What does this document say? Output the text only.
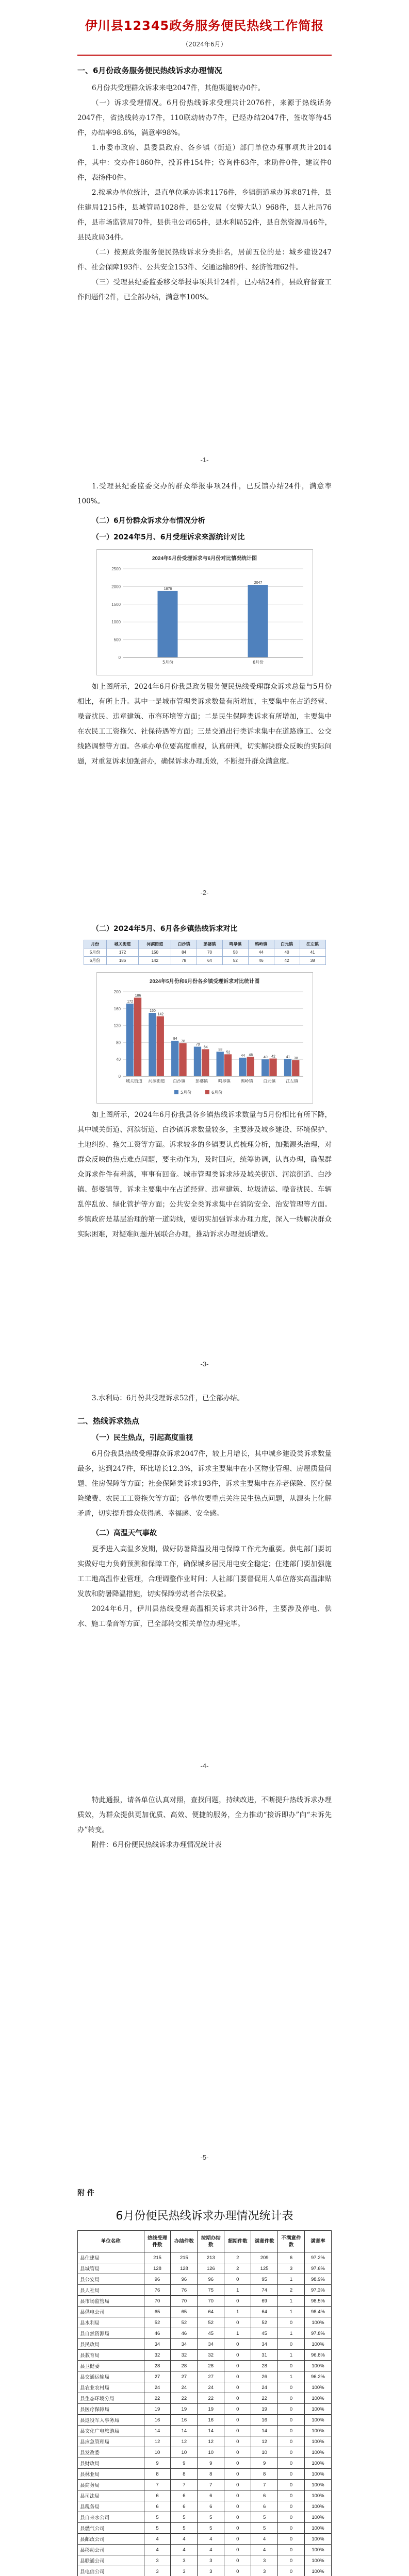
伊川县12345政务服务便民热线工作简报
（2024年6月）
一、6月份政务服务便民热线诉求办理情况

6月份共受理群众诉求来电2047件，其他渠道转办0件。

（一）诉求受理情况。6月份热线诉求受理共计2076件，来源于热线话务2047件，省热线转办17件，110联动转办7件，已经办结2047件，签收等待45件，办结率98.6%，满意率98%。

1.市委市政府、县委县政府、各乡镇（街道）部门单位办理事项共计2014件，其中：交办件1860件，投诉件154件；咨询件63件，求助件0件，建议件0件，表扬件0件。

2.按承办单位统计，县直单位承办诉求1176件，乡镇街道承办诉求871件，县住建局1215件，县城管局1028件，县公安局（交警大队）968件，县人社局76件，县市场监管局70件，县供电公司65件，县水利局52件，县自然资源局46件，县民政局34件。

（二）按照政务服务便民热线诉求分类排名，居前五位的是：城乡建设247件、社会保障193件、公共安全153件、交通运输89件、经济管理62件。

（三）受理县纪委监委移交举报事项共计24件，已办结24件，县政府督查工作问题件2件，已全部办结，满意率100%。

-1-

1.受理县纪委监委交办的群众举报事项24件，已反馈办结24件，满意率100%。

（二）6月份群众诉求分布情况分析
（一）2024年5月、6月受理诉求来源统计对比
2024年5月份受理诉求与6月份对比情况统计图
0
500
1000
1500
2000
2500
1876
5月份
2047
6月份

如上图所示，2024年6月份我县政务服务便民热线受理群众诉求总量与5月份相比，有所上升。其中一是城市管理类诉求数量有所增加，主要集中在占道经营、噪音扰民、违章建筑、市容环境等方面；二是民生保障类诉求有所增加，主要集中在农民工工资拖欠、社保待遇等方面；三是交通出行类诉求集中在道路施工、公交线路调整等方面。各承办单位要高度重视，认真研判，切实解决群众反映的实际问题，对重复诉求加强督办，确保诉求办理质效，不断提升群众满意度。

-2-
（二）2024年5月、6月各乡镇热线诉求对比
月份	城关街道	河滨街道	白沙镇	彭婆镇	鸣皋镇	鸦岭镇	白元镇	江左镇
5月份	172	150	84	70	58	44	40	41
6月份	186	142	78	64	52	46	42	38
2024年5月份和6月份各乡镇受理诉求对比统计图
0
40
80
120
160
200
172
186
城关街道
150
142
河滨街道
84
78
白沙镇
70
64
彭婆镇
58
52
鸣皋镇
44 46
鸦岭镇
40 42
白元镇
41 38
江左镇
5月份	6月份

如上图所示，2024年6月份我县各乡镇热线诉求数量与5月份相比有所下降，其中城关街道、河滨街道、白沙镇诉求数量较多，主要涉及城乡建设、环境保护、土地纠纷、拖欠工资等方面。诉求较多的乡镇要认真梳理分析，加强源头治理，对群众反映的热点难点问题，要主动作为，及时回应，统筹协调，认真办理，确保群众诉求件件有着落，事事有回音。城市管理类诉求涉及城关街道、河滨街道、白沙镇、彭婆镇等，诉求主要集中在占道经营、违章建筑、垃圾清运、噪音扰民、车辆乱停乱放、绿化管护等方面；公共安全类诉求集中在消防安全、治安管理等方面。乡镇政府是基层治理的第一道防线，要切实加强诉求办理力度，深入一线解决群众实际困难，对疑难问题开展联合办理，推动诉求办理提质增效。

-3-

3.水利局：6月份共受理诉求52件，已全部办结。

二、热线诉求热点
（一）民生热点，引起高度重视

6月份我县热线受理群众诉求2047件，较上月增长，其中城乡建设类诉求数量最多，达到247件，环比增长12.3%，诉求主要集中在小区物业管理、房屋质量问题、住房保障等方面；社会保障类诉求193件，诉求主要集中在养老保险、医疗保险缴费、农民工工资拖欠等方面；各单位要重点关注民生热点问题，从源头上化解矛盾，切实提升群众获得感、幸福感、安全感。

（二）高温天气事故

夏季进入高温多发期，做好防暑降温及用电保障工作尤为重要。供电部门要切实做好电力负荷预测和保障工作，确保城乡居民用电安全稳定；住建部门要加强施工工地高温作业管理，合理调整作业时间；人社部门要督促用人单位落实高温津贴发放和防暑降温措施，切实保障劳动者合法权益。

2024年6月，伊川县热线受理高温相关诉求共计36件，主要涉及停电、供水、施工噪音等方面，已全部转交相关单位办理完毕。

-4-

特此通报，请各单位认真对照，查找问题，持续改进，不断提升热线诉求办理质效，为群众提供更加优质、高效、便捷的服务，全力推动“接诉即办”向“未诉先办”转变。

附件：6月份便民热线诉求办理情况统计表

-5-
附 件
6月份便民热线诉求办理情况统计表
单位名称	热线受理件数	办结件数	按期办结数	超期件数	满意件数	不满意件数	满意率
县住建局	215	215	213	2	209	6	97.2%
县城管局	128	128	126	2	125	3	97.6%
县公安局	96	96	96	0	95	1	98.9%
县人社局	76	76	75	1	74	2	97.3%
县市场监管局	70	70	70	0	69	1	98.5%
县供电公司	65	65	64	1	64	1	98.4%
县水利局	52	52	52	0	52	0	100%
县自然资源局	46	46	45	1	45	1	97.8%
县民政局	34	34	34	0	34	0	100%
县教育局	32	32	32	0	31	1	96.8%
县卫健委	28	28	28	0	28	0	100%
县交通运输局	27	27	27	0	26	1	96.2%
县农业农村局	24	24	24	0	24	0	100%
县生态环境分局	22	22	22	0	22	0	100%
县医疗保障局	19	19	19	0	19	0	100%
县退役军人事务局	16	16	16	0	16	0	100%
县文化广电旅游局	14	14	14	0	14	0	100%
县应急管理局	12	12	12	0	12	0	100%
县发改委	10	10	10	0	10	0	100%
县财政局	9	9	9	0	9	0	100%
县林业局	8	8	8	0	8	0	100%
县商务局	7	7	7	0	7	0	100%
县司法局	6	6	6	0	6	0	100%
县税务局	6	6	6	0	6	0	100%
县自来水公司	5	5	5	0	5	0	100%
县燃气公司	5	5	5	0	5	0	100%
县邮政公司	4	4	4	0	4	0	100%
县移动公司	4	4	4	0	4	0	100%
县联通公司	3	3	3	0	3	0	100%
县电信公司	3	3	3	0	3	0	100%
